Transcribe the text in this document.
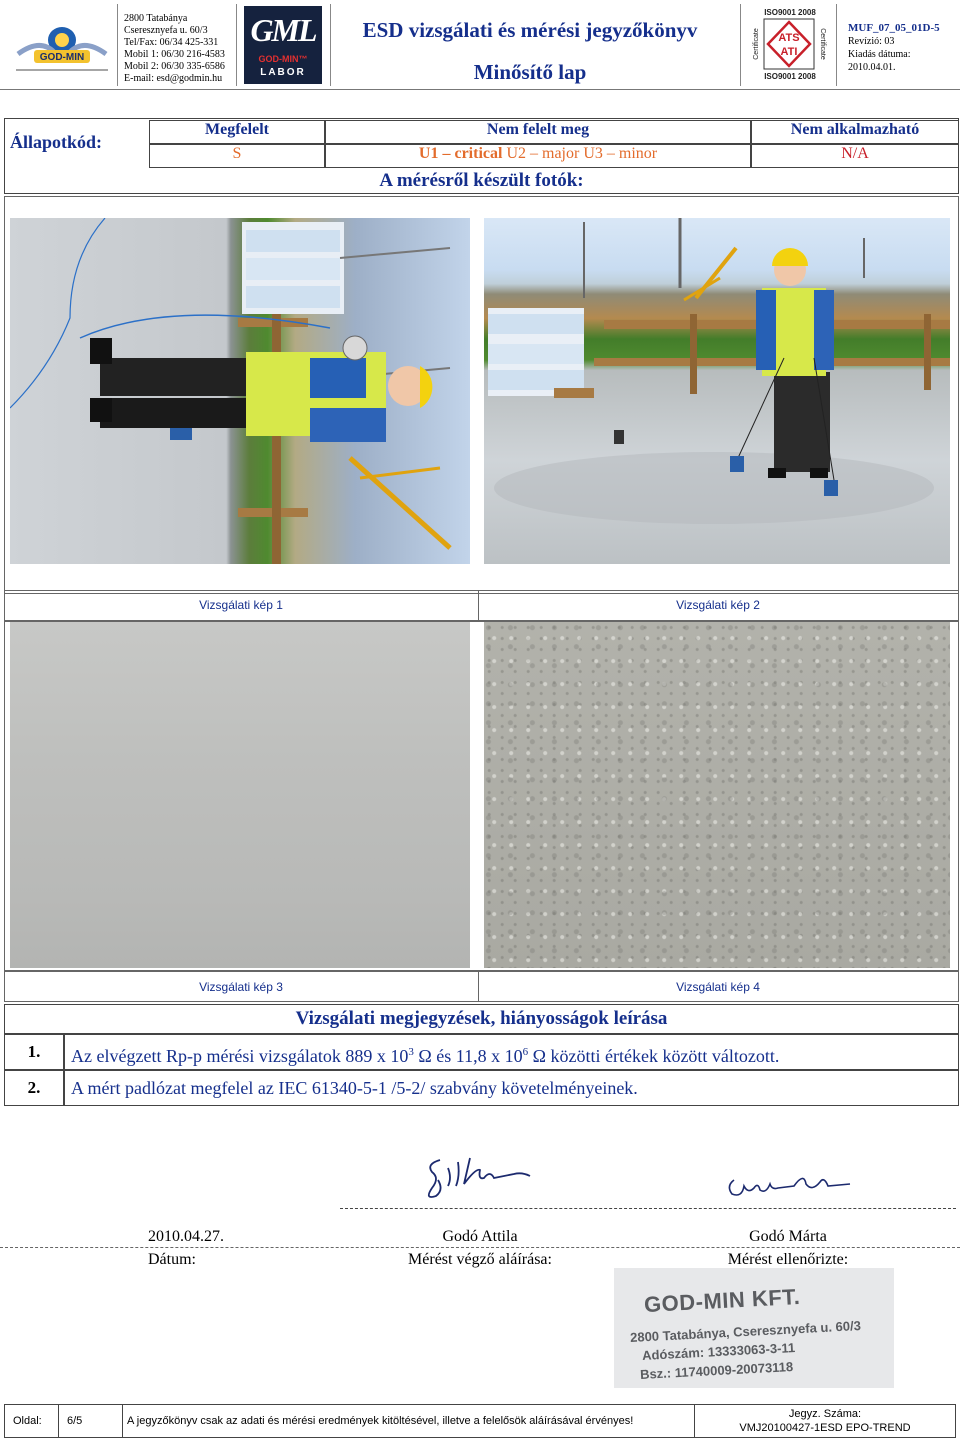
GOD-MIN
2800 Tatabánya
Cseresznyefa u. 60/3
Tel/Fax: 06/34 425-331
Mobil 1: 06/30 216-4583
Mobil 2: 06/30 335-6586
E-mail: esd@godmin.hu
GML
GOD-MIN™
LABOR
ESD vizsgálati és mérési jegyzőkönyv
Minősítő lap
ISO9001 2008
ATS
ATI	Certificate
Certificate
ISO9001 2008
MUF_07_05_01D-5
Revízió: 03
Kiadás dátuma:
2010.04.01.
Állapotkód:
Megfelelt	Nem felelt meg	Nem alkalmazható
S	U1 – critical U2 – major U3 – minor	N/A
A mérésről készült fotók:
Vizsgálati kép 1	Vizsgálati kép 2
Vizsgálati kép 3	Vizsgálati kép 4
Vizsgálati megjegyzések, hiányosságok leírása
1.	Az elvégzett Rp-p mérési vizsgálatok 889 x $10^3$ Ω és 11,8 x $10^6$ Ω közötti értékek között változott.
2.	A mért padlózat megfelel az IEC 61340-5-1 /5-2/ szabvány követelményeinek.
2010.04.27.	Godó Attila	Godó Márta
Dátum:	Mérést végző aláírása:	Mérést ellenőrizte:
GOD-MIN KFT.
2800 Tatabánya, Cseresznyefa u. 60/3
Adószám: 13333063-3-11
Bsz.: 11740009-20073118
Oldal:	6/5	A jegyzőkönyv csak az adati és mérési eredmények kitöltésével, illetve a felelősök aláírásával érvényes!
Jegyz. Száma:
VMJ20100427-1ESD EPO-TREND
